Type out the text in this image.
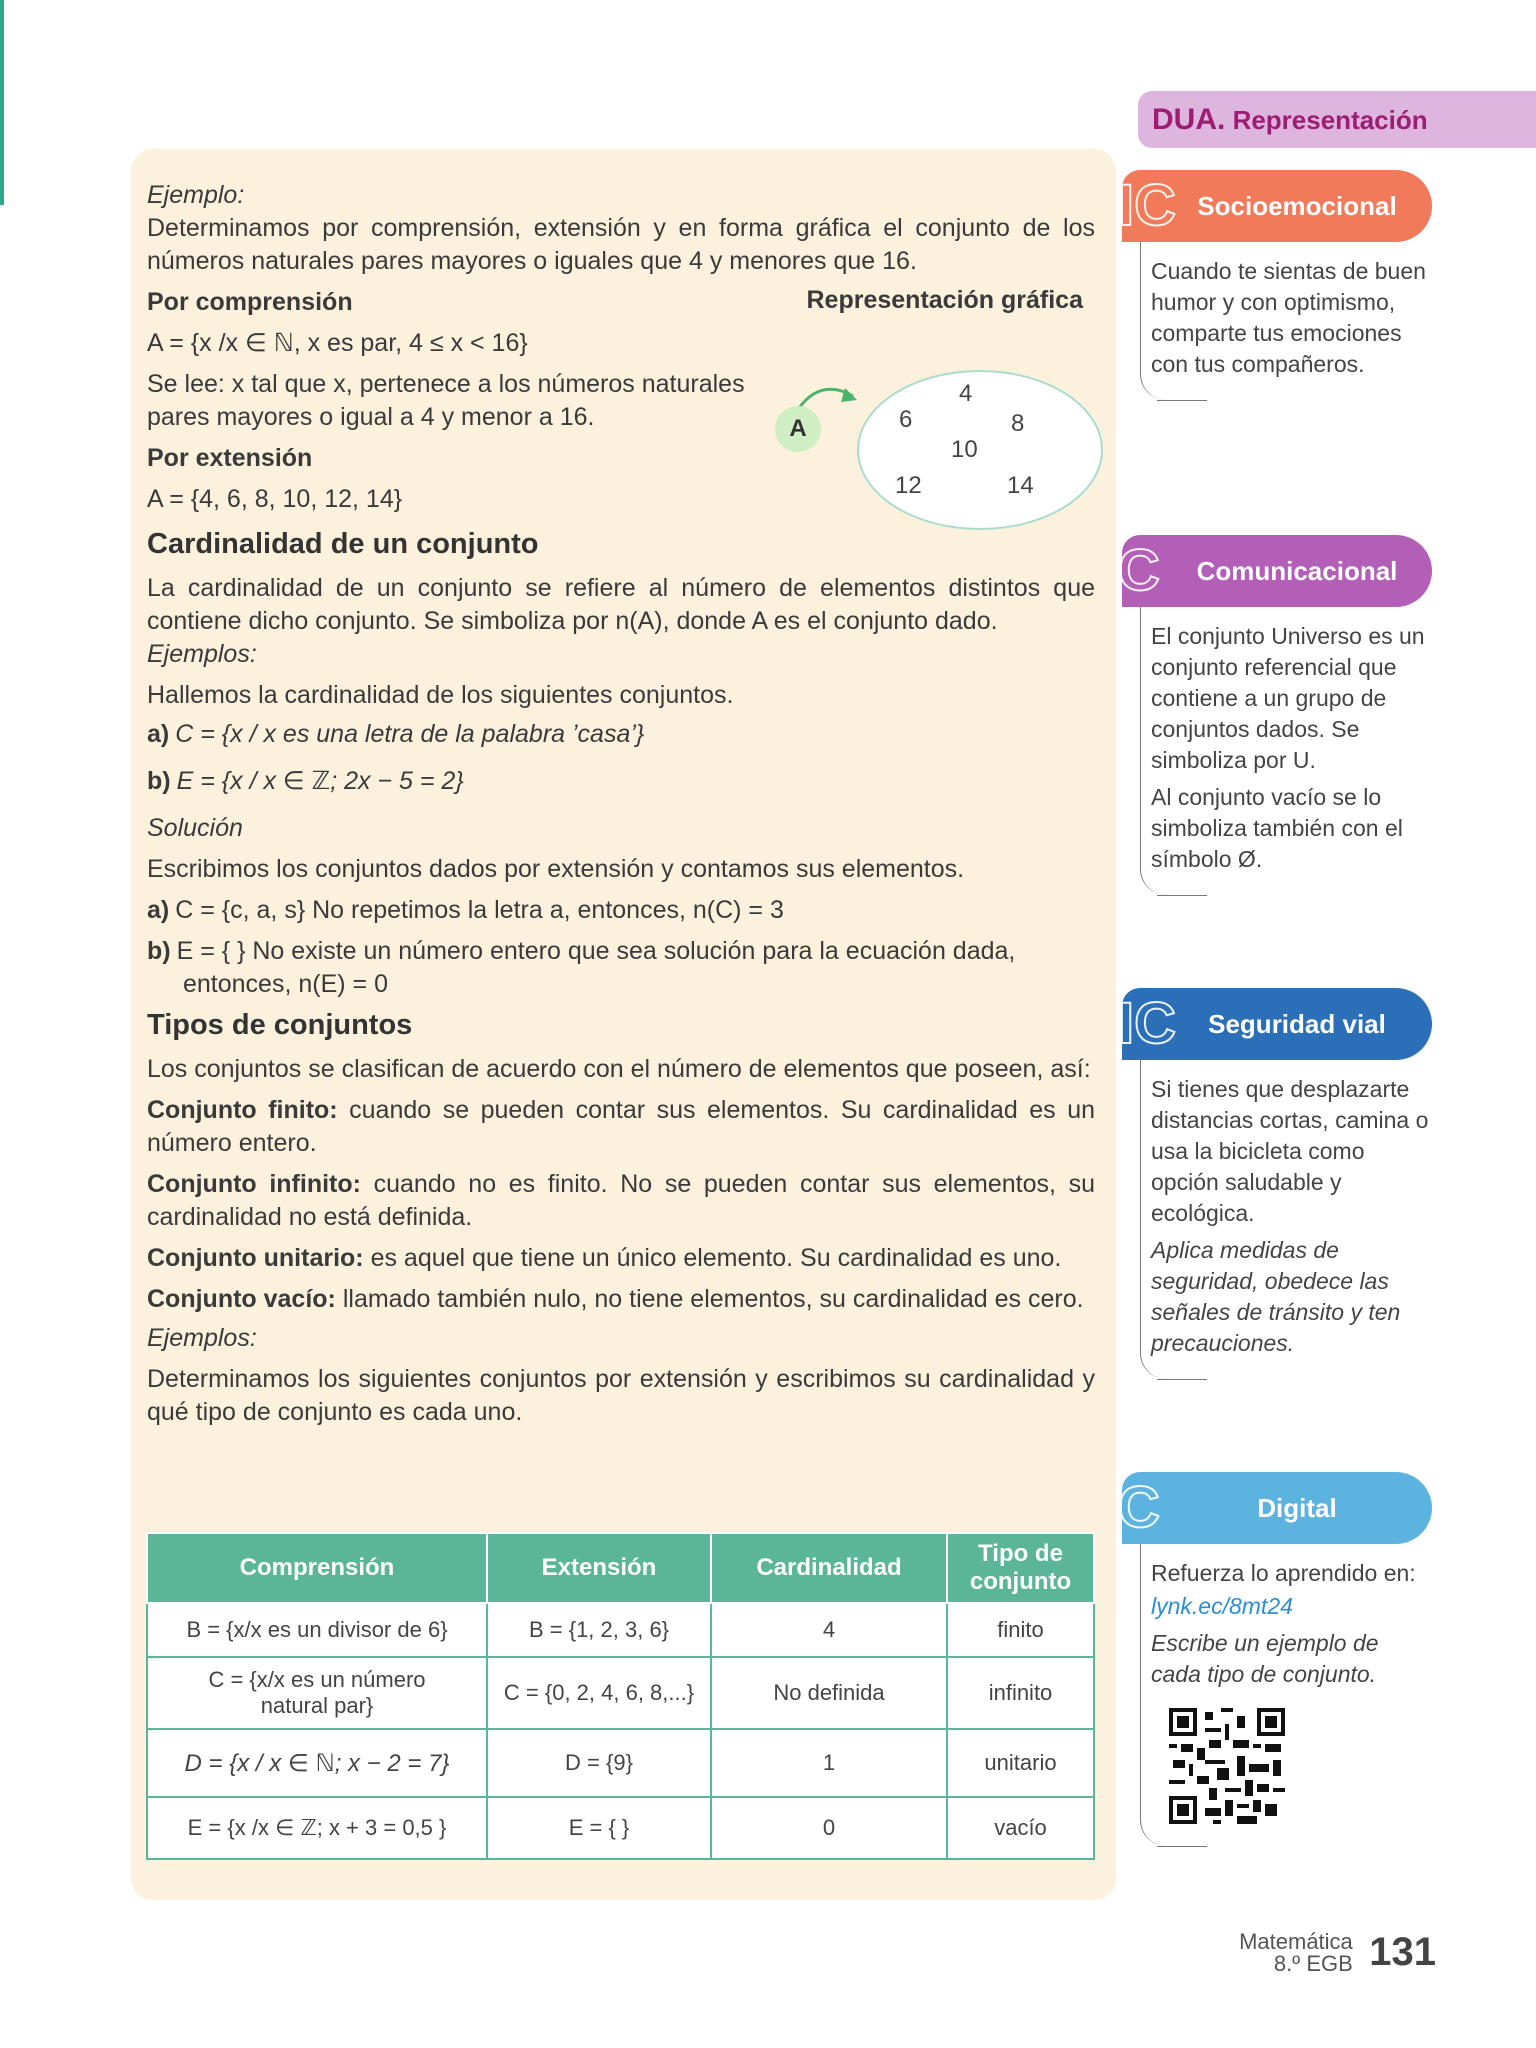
Ejemplo:

Determinamos por comprensión, extensión y en forma gráfica el conjunto de los números naturales pares mayores o iguales que 4 y menores que 16.

Por comprensión	Representación gráfica

A = {x /x ∈ ℕ, x es par, 4 ≤ x < 16}

Se lee: x tal que x, pertenece a los números naturales pares mayores o igual a 4 y menor a 16.

Por extensión

A = {4, 6, 8, 10, 12, 14}

A
4
6	8
10
12	14

Cardinalidad de un conjunto

La cardinalidad de un conjunto se refiere al número de elementos distintos que contiene dicho conjunto. Se simboliza por n(A), donde A es el conjunto dado.

Ejemplos:

Hallemos la cardinalidad de los siguientes conjuntos.

a) C = {x / x es una letra de la palabra ’casa’}

b) E = {x / x ∈ ℤ; 2x − 5 = 2}

Solución

Escribimos los conjuntos dados por extensión y contamos sus elementos.

a) C = {c, a, s} No repetimos la letra a, entonces, n(C) = 3

b) E = { } No existe un número entero que sea solución para la ecuación dada,

entonces, n(E) = 0

Tipos de conjuntos

Los conjuntos se clasifican de acuerdo con el número de elementos que poseen, así:

Conjunto finito: cuando se pueden contar sus elementos. Su cardinalidad es un número entero.

Conjunto infinito: cuando no es finito. No se pueden contar sus elementos, su cardinalidad no está definida.

Conjunto unitario: es aquel que tiene un único elemento. Su cardinalidad es uno.

Conjunto vacío: llamado también nulo, no tiene elementos, su cardinalidad es cero.

Ejemplos:

Determinamos los siguientes conjuntos por extensión y escribimos su cardinalidad y qué tipo de conjunto es cada uno.

Comprensión	Extensión	Cardinalidad	Tipo de conjunto
B = {x/x es un divisor de 6}	B = {1, 2, 3, 6}	4	finito
C = {x/x es un número natural par}	C = {0, 2, 4, 6, 8,...}	No definida	infinito
D = {x / x ∈ ℕ; x − 2 = 7}	D = {9}	1	unitario
E = {x /x ∈ ℤ; x + 3 = 0,5 }	E = { }	0	vacío
DUA. Representación
IC Socioemocional

Cuando te sientas de buen humor y con optimismo, comparte tus emociones con tus compañeros.

C Comunicacional

El conjunto Universo es un conjunto referencial que contiene a un grupo de conjuntos dados. Se simboliza por U.

Al conjunto vacío se lo simboliza también con el símbolo Ø.

IC Seguridad vial

Si tienes que desplazarte distancias cortas, camina o usa la bicicleta como opción saludable y ecológica.

Aplica medidas de seguridad, obedece las señales de tránsito y ten precauciones.

C	Digital

Refuerza lo aprendido en:

lynk.ec/8mt24

Escribe un ejemplo de cada tipo de conjunto.

Matemática
8.º EGB 131
